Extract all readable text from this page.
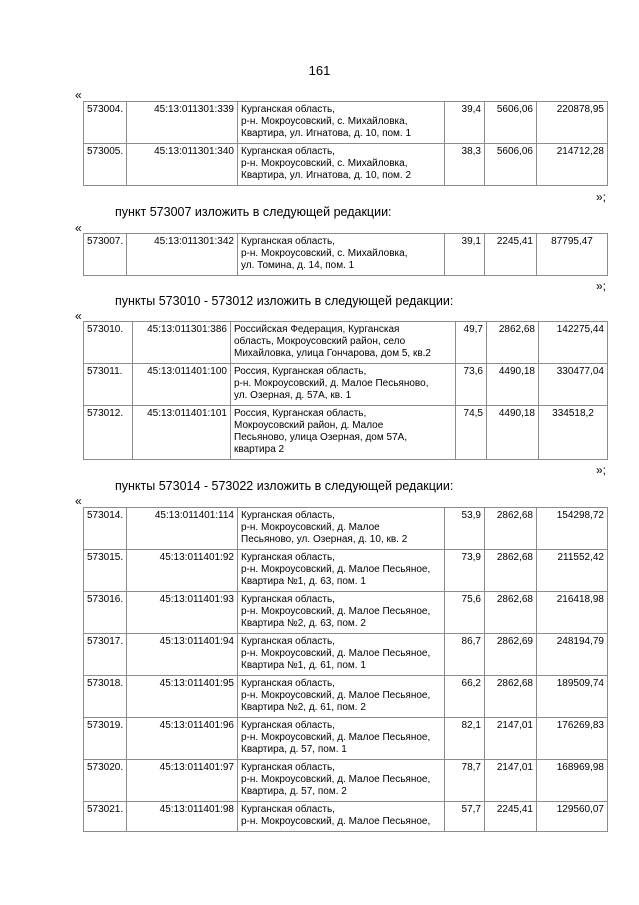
161
«
573004.	45:13:011301:339	Курганская область,
р-н. Мокроусовский, с. Михайловка,
Квартира, ул. Игнатова, д. 10, пом. 1	39,4	5606,06	220878,95
573005.	45:13:011301:340	Курганская область,
р-н. Мокроусовский, с. Михайловка,
Квартира, ул. Игнатова, д. 10, пом. 2	38,3	5606,06	214712,28
»;
пункт 573007 изложить в следующей редакции:
«
573007.	45:13:011301:342	Курганская область,
р-н. Мокроусовский, с. Михайловка,
ул. Томина, д. 14, пом. 1	39,1	2245,41	87795,47
»;
пункты 573010 - 573012 изложить в следующей редакции:
«
573010.	45:13:011301:386	Российская Федерация, Курганская
область, Мокроусовский район, село
Михайловка, улица Гончарова, дом 5, кв.2	49,7	2862,68	142275,44
573011.	45:13:011401:100	Россия, Курганская область,
р-н. Мокроусовский, д. Малое Песьяново,
ул. Озерная, д. 57А, кв. 1	73,6	4490,18	330477,04
573012.	45:13:011401:101	Россия, Курганская область,
Мокроусовский район, д. Малое
Песьяново, улица Озерная, дом 57А,
квартира 2	74,5	4490,18	334518,2
»;
пункты 573014 - 573022 изложить в следующей редакции:
«
573014.	45:13:011401:114	Курганская область,
р-н. Мокроусовский, д. Малое
Песьяново, ул. Озерная, д. 10, кв. 2	53,9	2862,68	154298,72
573015.	45:13:011401:92	Курганская область,
р-н. Мокроусовский, д. Малое Песьяное,
Квартира №1, д. 63, пом. 1	73,9	2862,68	211552,42
573016.	45:13:011401:93	Курганская область,
р-н. Мокроусовский, д. Малое Песьяное,
Квартира №2, д. 63, пом. 2	75,6	2862,68	216418,98
573017.	45:13:011401:94	Курганская область,
р-н. Мокроусовский, д. Малое Песьяное,
Квартира №1, д. 61, пом. 1	86,7	2862,69	248194,79
573018.	45:13:011401:95	Курганская область,
р-н. Мокроусовский, д. Малое Песьяное,
Квартира №2, д. 61, пом. 2	66,2	2862,68	189509,74
573019.	45:13:011401:96	Курганская область,
р-н. Мокроусовский, д. Малое Песьяное,
Квартира, д. 57, пом. 1	82,1	2147,01	176269,83
573020.	45:13:011401:97	Курганская область,
р-н. Мокроусовский, д. Малое Песьяное,
Квартира, д. 57, пом. 2	78,7	2147,01	168969,98
573021.	45:13:011401:98	Курганская область,
р-н. Мокроусовский, д. Малое Песьяное,	57,7	2245,41	129560,07
